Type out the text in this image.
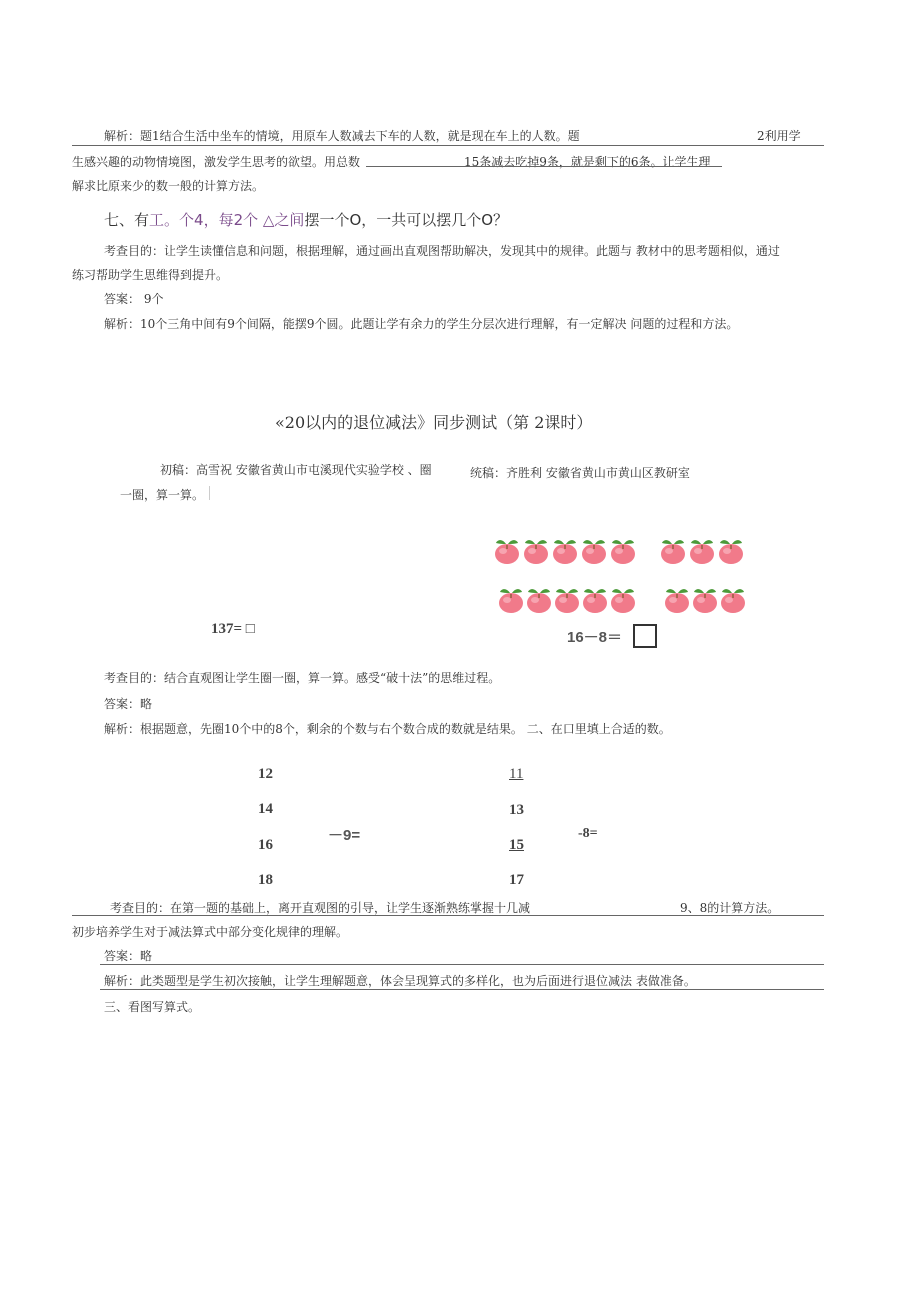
解析：题1结合生活中坐车的情境，用原车人数减去下车的人数，就是现在车上的人数。题	2利用学
生感兴趣的动物情境图，激发学生思考的欲望。用总数	15条减去吃掉9条，就是剩下的6条。让学生理
解求比原来少的数一般的计算方法。
七、有工。个4，每2个 △之间摆一个O，一共可以摆几个O？
考查目的：让学生读懂信息和问题，根据理解，通过画出直观图帮助解决，发现其中的规律。此题与 教材中的思考题相似，通过
练习帮助学生思维得到提升。
答案： 9个
解析：10个三角中间有9个间隔，能摆9个圆。此题让学有余力的学生分层次进行理解，有一定解决 问题的过程和方法。
«20以内的退位减法》同步测试（第 2课时）
初稿：高雪祝 安徽省黄山市屯溪现代实验学校 、圈	统稿：齐胜利 安徽省黄山市黄山区教研室
一圈，算一算。
16－8＝
137= □
考查目的：结合直观图让学生圈一圈，算一算。感受“破十法”的思维过程。
答案：略
解析：根据题意，先圈10个中的8个，剩余的个数与右个数合成的数就是结果。 二、在口里填上合适的数。
12
14
16
18
－9=
11
13
15
17
-8=
考查目的：在第一题的基础上，离开直观图的引导，让学生逐渐熟练掌握十几减	9、8的计算方法。
初步培养学生对于减法算式中部分变化规律的理解。
答案：略
解析：此类题型是学生初次接触，让学生理解题意，体会呈现算式的多样化，也为后面进行退位减法 表做准备。
三、看图写算式。
